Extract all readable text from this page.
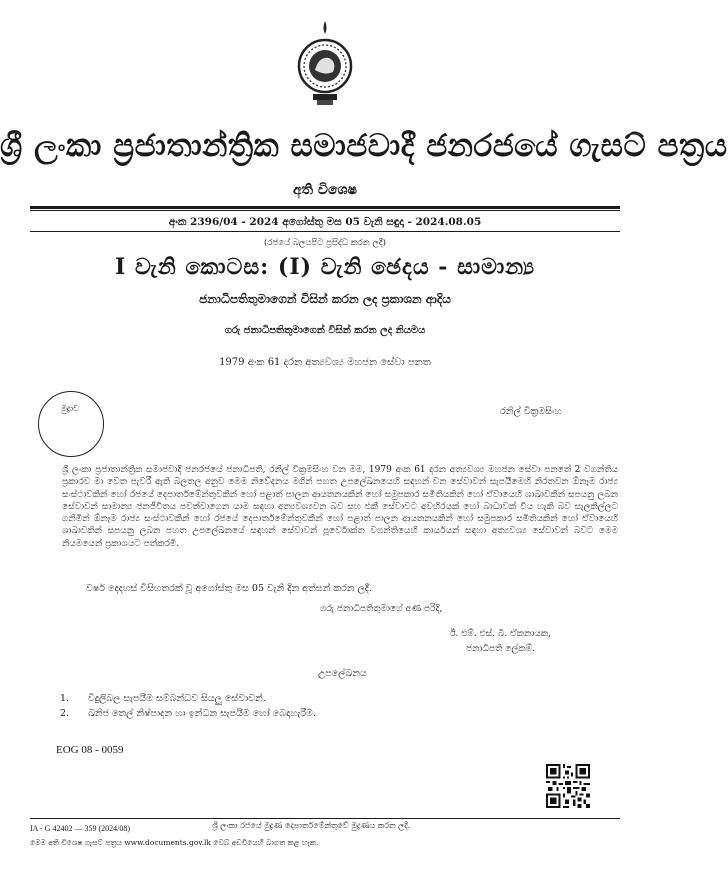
ශ්‍රී ලංකා ප්‍රජාතාන්ත්‍රික සමාජවාදී ජනරජයේ ගැසට් පත්‍රය
අති විශෙෂ
අංක 2396/04 - 2024 අගෝස්තු මස 05 වැනි සඳුදා - 2024.08.05
(රජයේ බලයපිට ප්‍රසිද්ධ කරන ලදී)
I වැනි කොටස: (I) වැනි ඡෙදය - සාමාන්‍ය
ජනාධිපතිතුමාගෙන් විසින් කරන ලද ප්‍රකාශන ආදිය
ගරු ජනාධිපතිතුමාගෙන් විසින් කරන ලද නියමය
1979 අංක 61 දරන අත්‍යවශ්‍ය මහජන සේවා පනත
මුද්‍රාව	රනිල් වික්‍රමසිංහ
ශ්‍රී ලංකා ප්‍රජාතාන්ත්‍රික සමාජවාදී ජනරජයේ ජනාධිපති, රනිල් වික්‍රමසිංහ වන මම, 1979 අංක 61 දරන අත්‍යවශ්‍ය මහජන සේවා පනතේ 2 වගන්තිය ප්‍රකාරව මා වෙත පැවරී ඇති බලතල අනුව මෙම නිවේදනය මගින් පහත උපලේඛනයෙහි සඳහන් වන සේවාවන් සැපයීමෙහි නිරතවන ඕනෑම රාජ්‍ය සංස්ථාවකින් හෝ රජයේ දෙපාර්තමේන්තුවකින් හෝ පළාත් පාලන ආයතනයකින් හෝ සමුපකාර සමිතියකින් හෝ ඒවායෙහි ශාඛාවකින් සපයනු ලබන සේවාවන් සාමාන්‍ය ජනජීවිතය පවත්වාගෙන යාම සඳහා අත්‍යවශ්‍යවන බව සහ එකී සේවාවට අවහිරයක් හෝ බාධාවක් විය හැකි බව සැලකිල්ලට ගනිමින් ඕනෑම රාජ්‍ය සංස්ථාවකින් හෝ රජයේ දෙපාර්තමේන්තුවකින් හෝ පළාත් පාලන ආයතනයකින් හෝ සමුපකාර සමිතියකින් හෝ ඒවායෙහි ශාඛාවකින් සපයනු ලබන පහත උපලේඛනයේ සඳහන් සේවාවන් පූර්වොක්ත වගන්තියෙහි කාර්යයන් සඳහා අත්‍යවශ්‍ය සේවාවන් බවට මෙම නියමයෙන් ප්‍රකාශයට පත්කරමි.
වර්ෂ දෙදහස් විසිහතරක් වූ අගෝස්තු මස 05 වැනි දින අත්සන් කරන ලදී.
ගරු ජනාධිපතිතුමාගේ අණ පරිදි,
ඊ. එම්. එස්. බී. ඒකනායක,
ජනාධිපති ලේකම්.
උපලේඛනය
1.	විදුලිබල සැපයීම සම්බන්ධව සියලු සේවාවන්.
2.	ඛනිජ තෙල් නිෂ්පාදන හා ඉන්ධන සැපයීම හෝ බෙදාහැරීම.
EOG 08 - 0059
IA - G 42402 — 359 (2024/08)	ශ්‍රී ලංකා රජයේ මුද්‍රණ දෙපාර්තමේන්තුවේ මුද්‍රණය කරන ලදී.
මෙම අති විශෙෂ ගැසට් පත්‍රය www.documents.gov.lk වෙබ් අඩවියෙහි බාගත කළ හැක.
